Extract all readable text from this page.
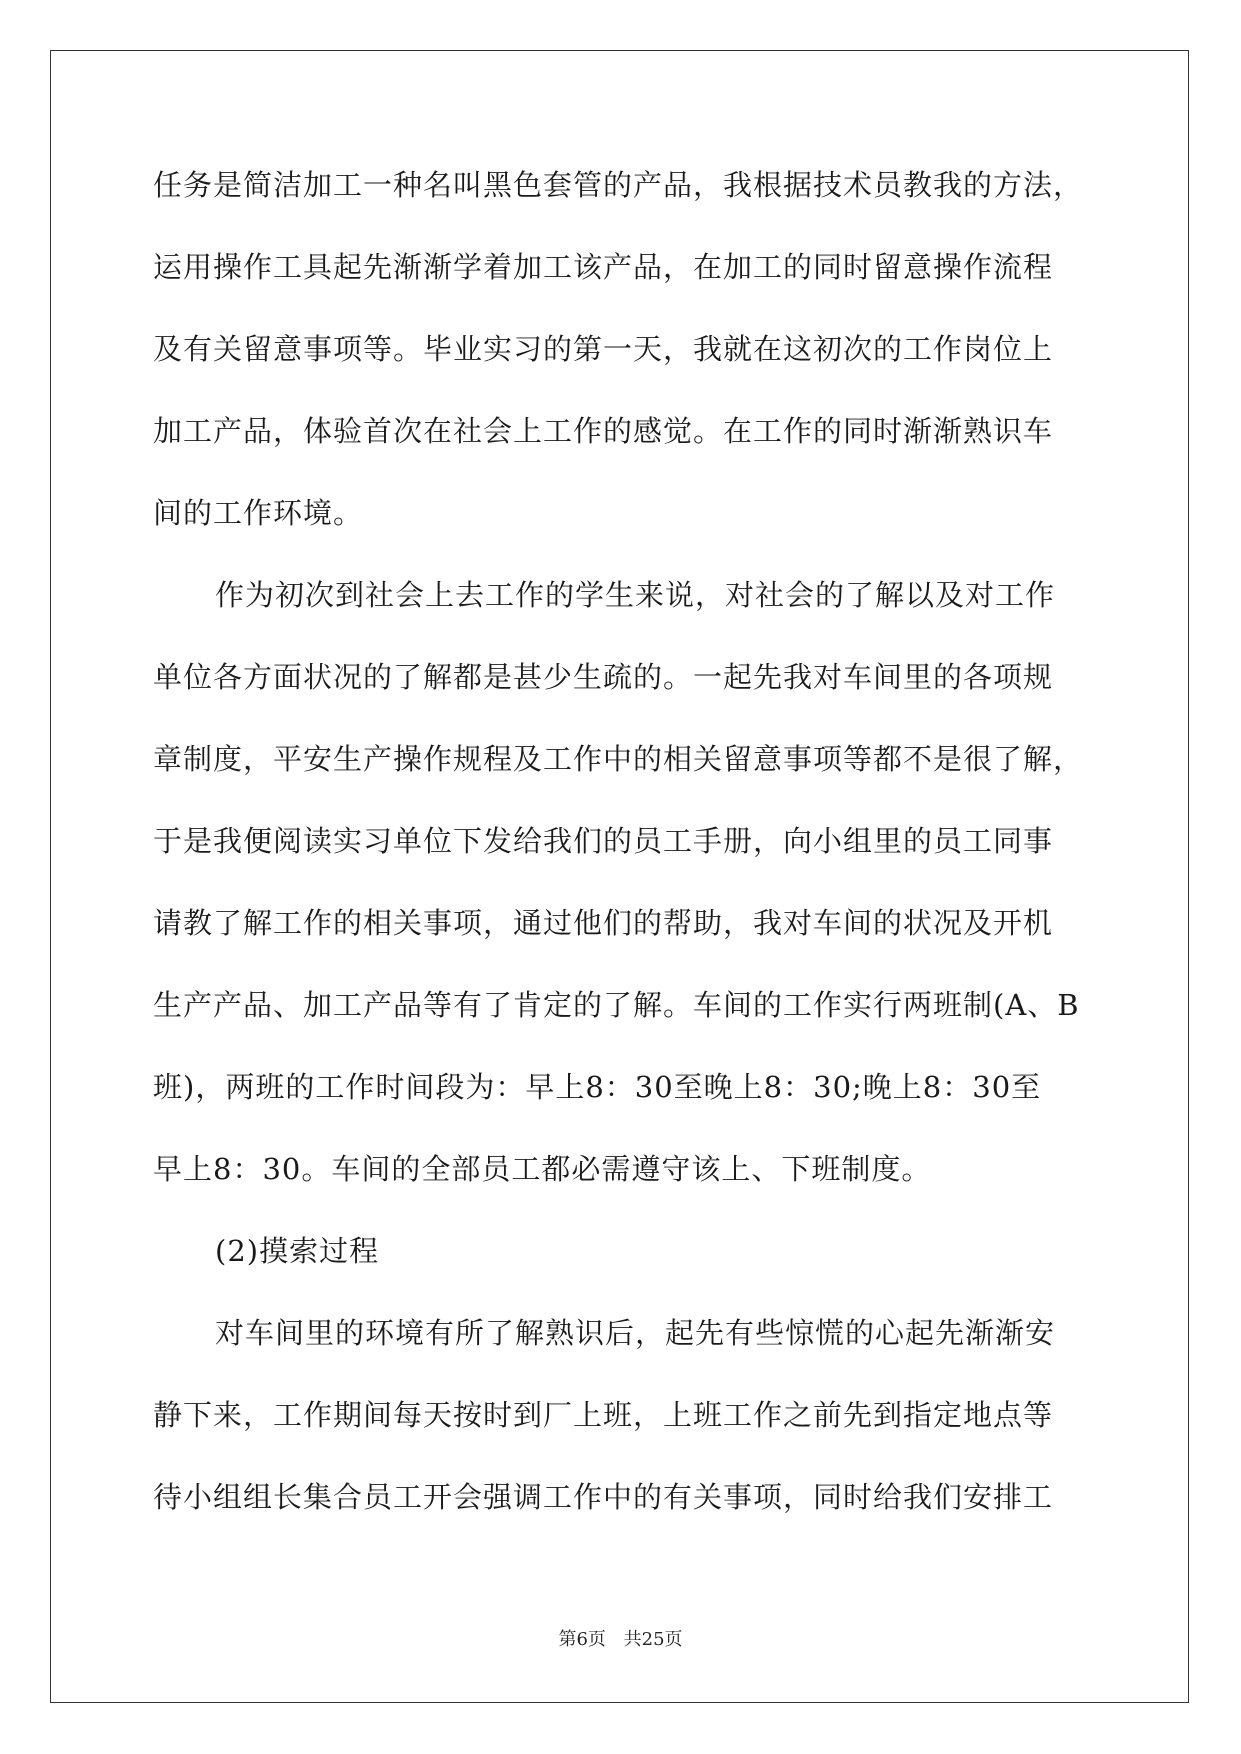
任务是简洁加工一种名叫黑色套管的产品，我根据技术员教我的方法，
运用操作工具起先渐渐学着加工该产品，在加工的同时留意操作流程
及有关留意事项等。毕业实习的第一天，我就在这初次的工作岗位上
加工产品，体验首次在社会上工作的感觉。在工作的同时渐渐熟识车
间的工作环境。
作为初次到社会上去工作的学生来说，对社会的了解以及对工作
单位各方面状况的了解都是甚少生疏的。一起先我对车间里的各项规
章制度，平安生产操作规程及工作中的相关留意事项等都不是很了解，
于是我便阅读实习单位下发给我们的员工手册，向小组里的员工同事
请教了解工作的相关事项，通过他们的帮助，我对车间的状况及开机
生产产品、加工产品等有了肯定的了解。车间的工作实行两班制(A、B
班)，两班的工作时间段为：早上8：30至晚上8：30;晚上8：30至
早上8：30。车间的全部员工都必需遵守该上、下班制度。
(2)摸索过程
对车间里的环境有所了解熟识后，起先有些惊慌的心起先渐渐安
静下来，工作期间每天按时到厂上班，上班工作之前先到指定地点等
待小组组长集合员工开会强调工作中的有关事项，同时给我们安排工
第6页 共25页
